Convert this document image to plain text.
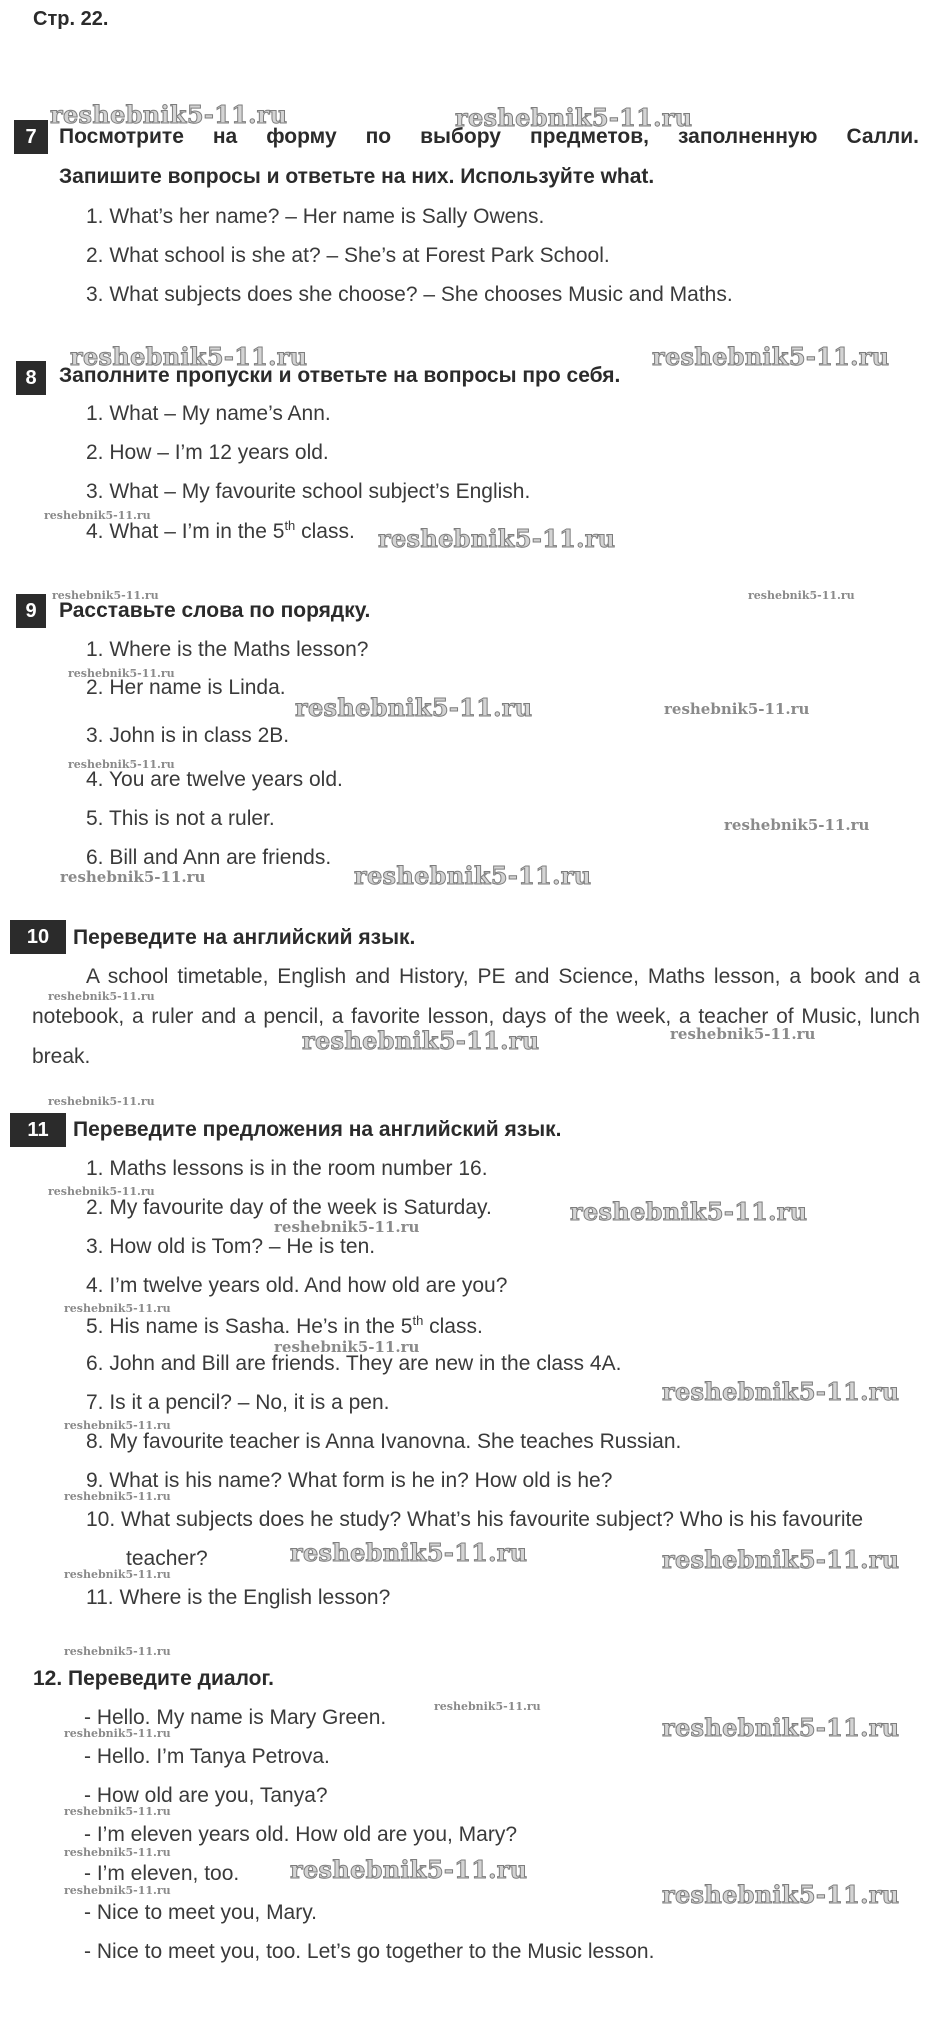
Стр. 22.
reshebnik5-11.ru	reshebnik5-11.ru
7	Посмотрите на форму по выбору предметов, заполненную Салли.
Запишите вопросы и ответьте на них. Используйте what.
1. What’s her name? – Her name is Sally Owens.
2. What school is she at? – She’s at Forest Park School.
3. What subjects does she choose? – She chooses Music and Maths.
reshebnik5-11.ru	reshebnik5-11.ru
8	Заполните пропуски и ответьте на вопросы про себя.
1. What – My name’s Ann.
2. How – I’m 12 years old.
3. What – My favourite school subject’s English.
reshebnik5-11.ru
4. What – I’m in the 5th class. reshebnik5-11.ru
reshebnik5-11.ru	reshebnik5-11.ru
9	Расставьте слова по порядку.
1. Where is the Maths lesson?
reshebnik5-11.ru
2. Her name is Linda.
reshebnik5-11.ru	reshebnik5-11.ru
3. John is in class 2B.
reshebnik5-11.ru
4. You are twelve years old.
5. This is not a ruler.	reshebnik5-11.ru
6. Bill and Ann are friends.
reshebnik5-11.ru
reshebnik5-11.ru
10	Переведите на английский язык.
A school timetable, English and History, PE and Science, Maths lesson, a book and a notebook, a ruler and a pencil, a favorite lesson, days of the week, a teacher of Music, lunch break.
reshebnik5-11.ru
reshebnik5-11.ru	reshebnik5-11.ru
reshebnik5-11.ru
11	Переведите предложения на английский язык.
1. Maths lessons is in the room number 16.
reshebnik5-11.ru
2. My favourite day of the week is Saturday.	reshebnik5-11.ru
reshebnik5-11.ru
3. How old is Tom? – He is ten.
4. I’m twelve years old. And how old are you?
reshebnik5-11.ru
5. His name is Sasha. He’s in the 5th class.
reshebnik5-11.ru
6. John and Bill are friends. They are new in the class 4A.
reshebnik5-11.ru
7. Is it a pencil? – No, it is a pen.
reshebnik5-11.ru
8. My favourite teacher is Anna Ivanovna. She teaches Russian.
9. What is his name? What form is he in? How old is he?
reshebnik5-11.ru
10. What subjects does he study? What’s his favourite subject? Who is his favourite
reshebnik5-11.ru	reshebnik5-11.ru
teacher?
reshebnik5-11.ru
11. Where is the English lesson?
reshebnik5-11.ru
12. Переведите диалог.
- Hello. My name is Mary Green.	reshebnik5-11.ru
reshebnik5-11.ru
reshebnik5-11.ru
- Hello. I’m Tanya Petrova.
- How old are you, Tanya?
reshebnik5-11.ru
- I’m eleven years old. How old are you, Mary?
reshebnik5-11.ru
reshebnik5-11.ru
- I’m eleven, too.
reshebnik5-11.ru	reshebnik5-11.ru
- Nice to meet you, Mary.
- Nice to meet you, too. Let’s go together to the Music lesson.
